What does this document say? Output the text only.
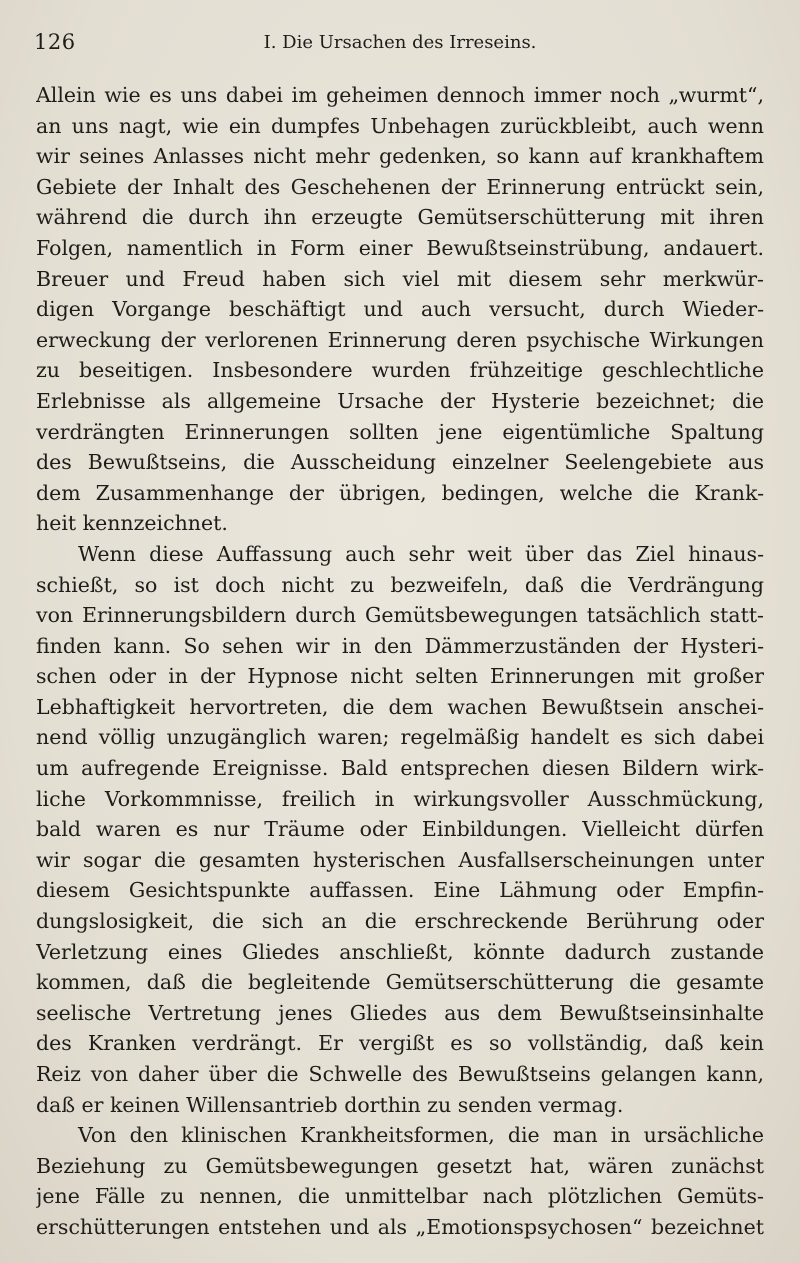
126	I. Die Ursachen des Irreseins.
Allein wie es uns dabei im geheimen dennoch immer noch „wurmt“,
an uns nagt, wie ein dumpfes Unbehagen zurückbleibt, auch wenn
wir seines Anlasses nicht mehr gedenken, so kann auf krankhaftem
Gebiete der Inhalt des Geschehenen der Erinnerung entrückt sein,
während die durch ihn erzeugte Gemütserschütterung mit ihren
Folgen, namentlich in Form einer Bewußtseinstrübung, andauert.
Breuer und Freud haben sich viel mit diesem sehr merkwür-
digen Vorgange beschäftigt und auch versucht, durch Wieder-
erweckung der verlorenen Erinnerung deren psychische Wirkungen
zu beseitigen. Insbesondere wurden frühzeitige geschlechtliche
Erlebnisse als allgemeine Ursache der Hysterie bezeichnet; die
verdrängten Erinnerungen sollten jene eigentümliche Spaltung
des Bewußtseins, die Ausscheidung einzelner Seelengebiete aus
dem Zusammenhange der übrigen, bedingen, welche die Krank-
heit kennzeichnet.
Wenn diese Auffassung auch sehr weit über das Ziel hinaus-
schießt, so ist doch nicht zu bezweifeln, daß die Verdrängung
von Erinnerungsbildern durch Gemütsbewegungen tatsächlich statt-
finden kann. So sehen wir in den Dämmerzuständen der Hysteri-
schen oder in der Hypnose nicht selten Erinnerungen mit großer
Lebhaftigkeit hervortreten, die dem wachen Bewußtsein anschei-
nend völlig unzugänglich waren; regelmäßig handelt es sich dabei
um aufregende Ereignisse. Bald entsprechen diesen Bildern wirk-
liche Vorkommnisse, freilich in wirkungsvoller Ausschmückung,
bald waren es nur Träume oder Einbildungen. Vielleicht dürfen
wir sogar die gesamten hysterischen Ausfallserscheinungen unter
diesem Gesichtspunkte auffassen. Eine Lähmung oder Empfin-
dungslosigkeit, die sich an die erschreckende Berührung oder
Verletzung eines Gliedes anschließt, könnte dadurch zustande
kommen, daß die begleitende Gemütserschütterung die gesamte
seelische Vertretung jenes Gliedes aus dem Bewußtseinsinhalte
des Kranken verdrängt. Er vergißt es so vollständig, daß kein
Reiz von daher über die Schwelle des Bewußtseins gelangen kann,
daß er keinen Willensantrieb dorthin zu senden vermag.
Von den klinischen Krankheitsformen, die man in ursächliche
Beziehung zu Gemütsbewegungen gesetzt hat, wären zunächst
jene Fälle zu nennen, die unmittelbar nach plötzlichen Gemüts-
erschütterungen entstehen und als „Emotionspsychosen“ bezeichnet
